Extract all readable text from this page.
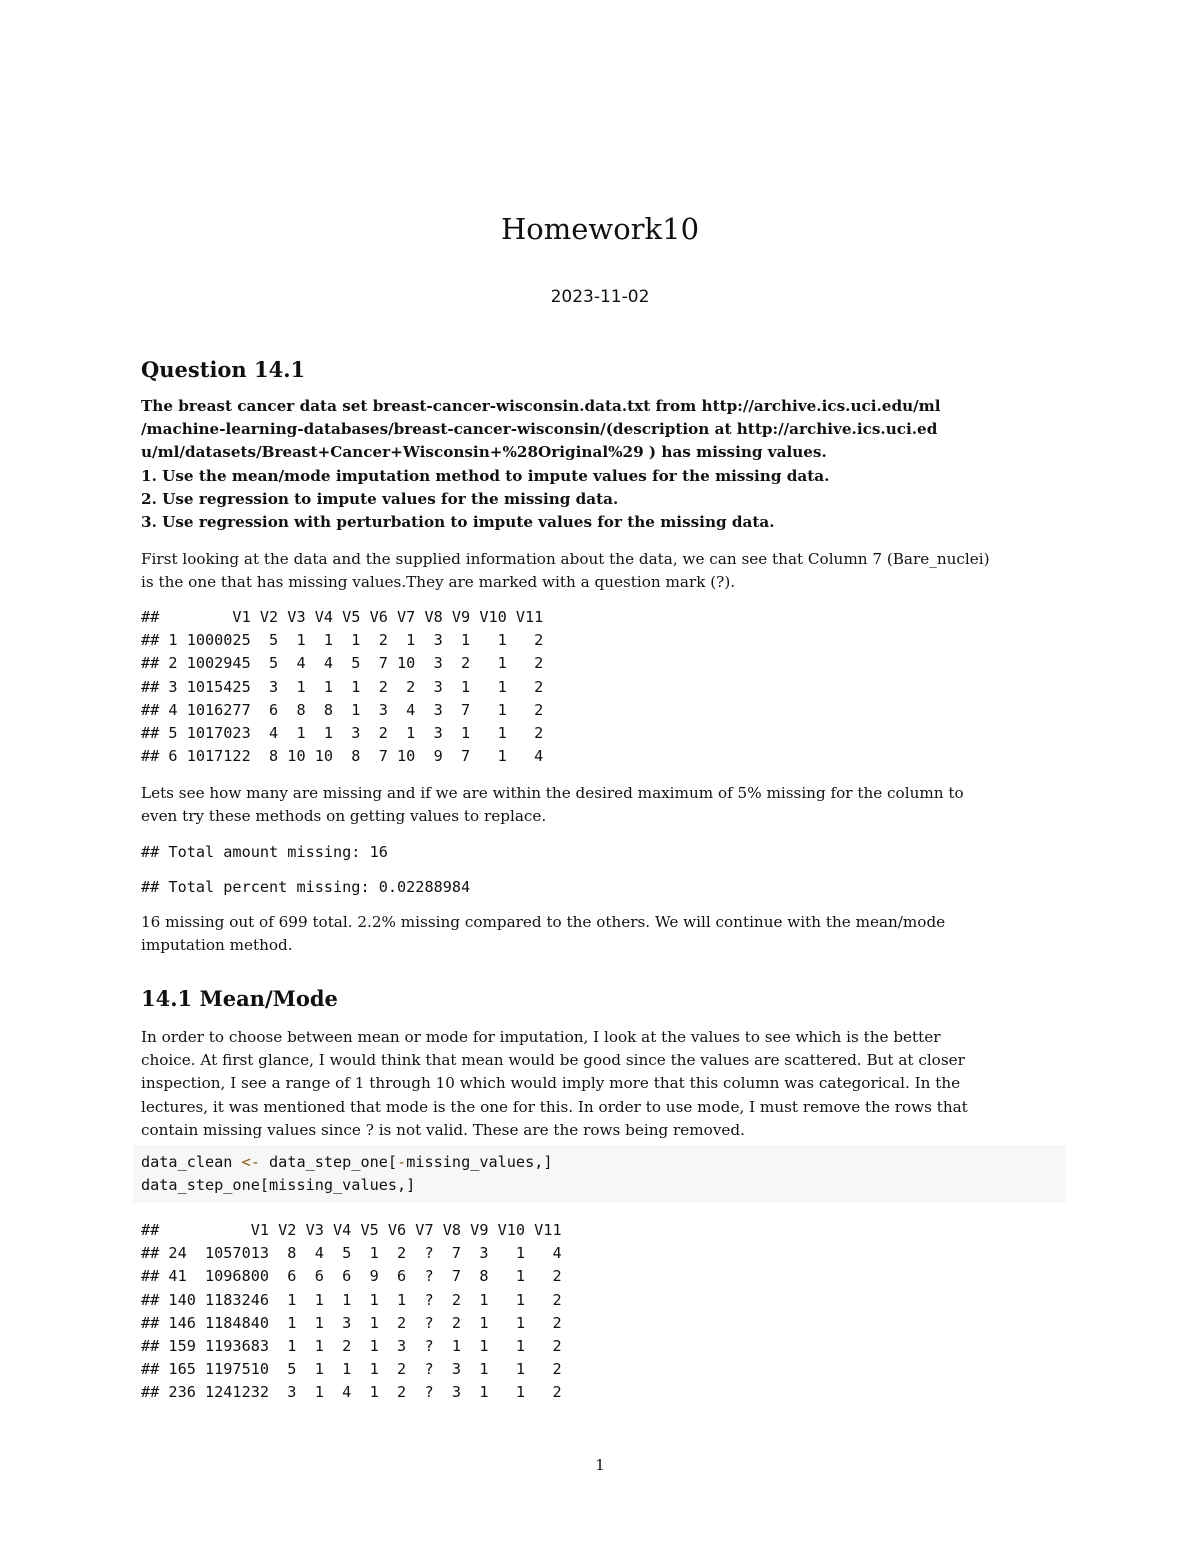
Homework10

2023-11-02

Question 14.1
The breast cancer data set breast-cancer-wisconsin.data.txt from http://archive.ics.uci.edu/ml
/machine-learning-databases/breast-cancer-wisconsin/(description at http://archive.ics.uci.ed
u/ml/datasets/Breast+Cancer+Wisconsin+%28Original%29 ) has missing values.
1. Use the mean/mode imputation method to impute values for the missing data.
2. Use regression to impute values for the missing data.
3. Use regression with perturbation to impute values for the missing data.
First looking at the data and the supplied information about the data, we can see that Column 7 (Bare_nuclei)
is the one that has missing values.They are marked with a question mark (?).
##        V1 V2 V3 V4 V5 V6 V7 V8 V9 V10 V11
## 1 1000025  5  1  1  1  2  1  3  1   1   2
## 2 1002945  5  4  4  5  7 10  3  2   1   2
## 3 1015425  3  1  1  1  2  2  3  1   1   2
## 4 1016277  6  8  8  1  3  4  3  7   1   2
## 5 1017023  4  1  1  3  2  1  3  1   1   2
## 6 1017122  8 10 10  8  7 10  9  7   1   4
Lets see how many are missing and if we are within the desired maximum of 5% missing for the column to
even try these methods on getting values to replace.
## Total amount missing: 16
## Total percent missing: 0.02288984
16 missing out of 699 total. 2.2% missing compared to the others. We will continue with the mean/mode
imputation method.
14.1 Mean/Mode
In order to choose between mean or mode for imputation, I look at the values to see which is the better
choice. At first glance, I would think that mean would be good since the values are scattered. But at closer
inspection, I see a range of 1 through 10 which would imply more that this column was categorical. In the
lectures, it was mentioned that mode is the one for this. In order to use mode, I must remove the rows that
contain missing values since ? is not valid. These are the rows being removed.
data_clean <- data_step_one[-missing_values,]
data_step_one[missing_values,]
##          V1 V2 V3 V4 V5 V6 V7 V8 V9 V10 V11
## 24  1057013  8  4  5  1  2  ?  7  3   1   4
## 41  1096800  6  6  6  9  6  ?  7  8   1   2
## 140 1183246  1  1  1  1  1  ?  2  1   1   2
## 146 1184840  1  1  3  1  2  ?  2  1   1   2
## 159 1193683  1  1  2  1  3  ?  1  1   1   2
## 165 1197510  5  1  1  1  2  ?  3  1   1   2
## 236 1241232  3  1  4  1  2  ?  3  1   1   2
1
